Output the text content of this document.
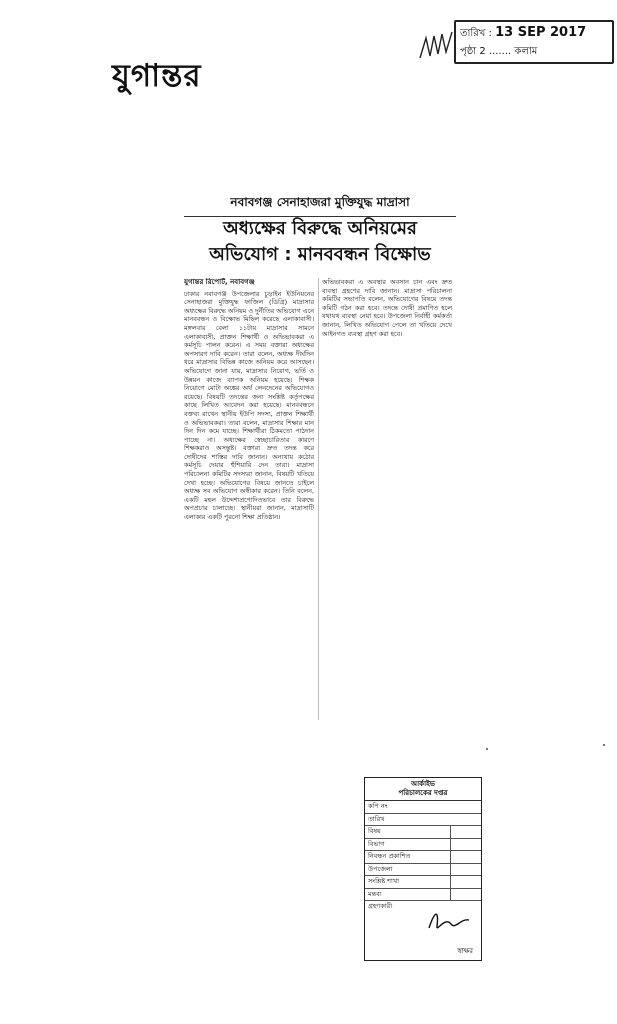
যুগান্তর
তারিখ : 13 SEP 2017
পৃষ্ঠা 2 ....... কলাম
নবাবগঞ্জ সেনাহাজরা মুক্তিযুদ্ধ মাদ্রাসা
অধ্যক্ষের বিরুদ্ধে অনিয়মের
অভিযোগ : মানববন্ধন বিক্ষোভ
যুগান্তর রিপোর্ট, নবাবগঞ্জ
ঢাকার নবাবগঞ্জ উপজেলার চুড়াইন ইউনিয়নের সেনাহাজরা মুক্তিযুদ্ধ ফাজিল (ডিগ্রি) মাদ্রাসার অধ্যক্ষের বিরুদ্ধে অনিয়ম ও দুর্নীতির অভিযোগ এনে মানববন্ধন ও বিক্ষোভ মিছিল করেছে এলাকাবাসী। মঙ্গলবার বেলা ১১টায় মাদ্রাসার সামনে এলাকাবাসী, প্রাক্তন শিক্ষার্থী ও অভিভাবকরা এ কর্মসূচি পালন করেন। এ সময় বক্তারা অধ্যক্ষের অপসারণ দাবি করেন। তারা বলেন, অধ্যক্ষ দীর্ঘদিন ধরে মাদ্রাসার বিভিন্ন কাজে অনিয়ম করে আসছেন। অভিযোগে জানা যায়, মাদ্রাসার নিয়োগ, ভর্তি ও উন্নয়ন কাজে ব্যাপক অনিয়ম হয়েছে। শিক্ষক নিয়োগে মোটা অঙ্কের অর্থ লেনদেনের অভিযোগও রয়েছে। বিষয়টি তদন্তের জন্য সংশ্লিষ্ট কর্তৃপক্ষের কাছে লিখিত আবেদন করা হয়েছে। মানববন্ধনে বক্তব্য রাখেন স্থানীয় ইউপি সদস্য, প্রাক্তন শিক্ষার্থী ও অভিভাবকরা। তারা বলেন, মাদ্রাসার শিক্ষার মান দিন দিন কমে যাচ্ছে। শিক্ষার্থীরা ঠিকমতো পাঠদান পাচ্ছে না। অধ্যক্ষের স্বেচ্ছাচারিতার কারণে শিক্ষকরাও অসন্তুষ্ট। বক্তারা দ্রুত তদন্ত করে দোষীদের শাস্তির দাবি জানান। অন্যথায় কঠোর কর্মসূচি দেয়ার হুঁশিয়ারি দেন তারা। মাদ্রাসা পরিচালনা কমিটির সদস্যরা জানান, বিষয়টি খতিয়ে দেখা হচ্ছে। অভিযোগের বিষয়ে জানতে চাইলে অধ্যক্ষ সব অভিযোগ অস্বীকার করেন। তিনি বলেন, একটি মহল উদ্দেশ্যপ্রণোদিতভাবে তার বিরুদ্ধে অপপ্রচার চালাচ্ছে। স্থানীয়রা জানান, মাদ্রাসাটি এলাকার একটি পুরনো শিক্ষা প্রতিষ্ঠান।
অভিভাবকরা এ অবস্থার অবসান চান এবং দ্রুত ব্যবস্থা গ্রহণের দাবি জানান। মাদ্রাসা পরিচালনা কমিটির সভাপতি বলেন, অভিযোগের বিষয়ে তদন্ত কমিটি গঠন করা হবে। তদন্তে দোষী প্রমাণিত হলে যথাযথ ব্যবস্থা নেয়া হবে। উপজেলা নির্বাহী কর্মকর্তা জানান, লিখিত অভিযোগ পেলে তা খতিয়ে দেখে আইনগত ব্যবস্থা গ্রহণ করা হবে।
আর্কাইভ
পরিচালকের দপ্তর
কপি নং
তারিখ
বিষয়
বিভাগ
নিবন্ধন প্রকাশিত
উপজেলা
সংশ্লিষ্ট শাখা
মন্তব্য
গ্রহণকারী
স্বাক্ষর
